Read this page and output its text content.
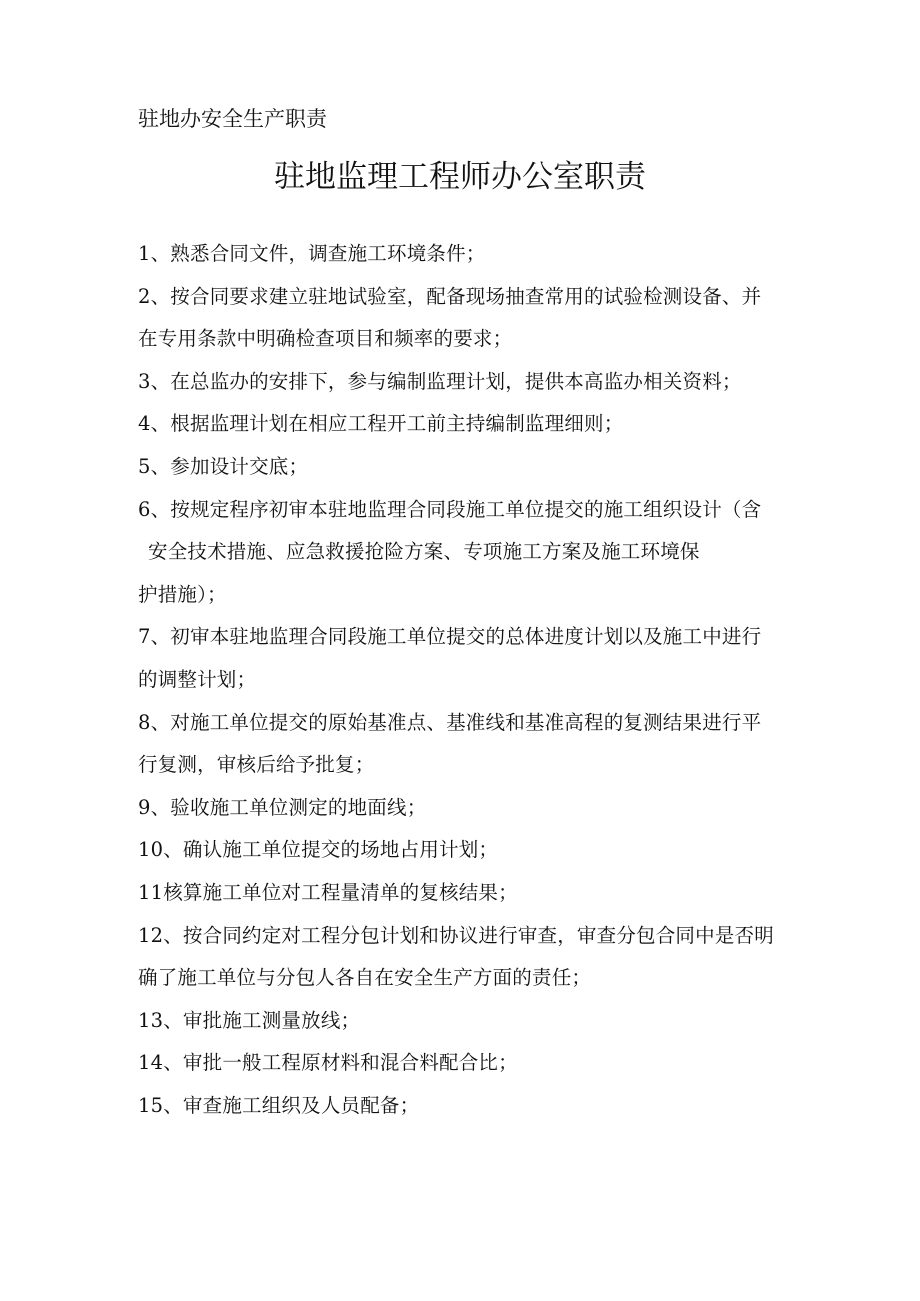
驻地办安全生产职责
驻地监理工程师办公室职责
1、熟悉合同文件，调查施工环境条件；
2、按合同要求建立驻地试验室，配备现场抽查常用的试验检测设备、并
在专用条款中明确检查项目和频率的要求；
3、在总监办的安排下，参与编制监理计划，提供本高监办相关资料；
4、根据监理计划在相应工程开工前主持编制监理细则；
5、参加设计交底；
6、按规定程序初审本驻地监理合同段施工单位提交的施工组织设计（含
安全技术措施、应急救援抢险方案、专项施工方案及施工环境保
护措施）；
7、初审本驻地监理合同段施工单位提交的总体进度计划以及施工中进行
的调整计划；
8、对施工单位提交的原始基准点、基准线和基准高程的复测结果进行平
行复测，审核后给予批复；
9、验收施工单位测定的地面线；
10、确认施工单位提交的场地占用计划；
11核算施工单位对工程量清单的复核结果；
12、按合同约定对工程分包计划和协议进行审查，审查分包合同中是否明
确了施工单位与分包人各自在安全生产方面的责任；
13、审批施工测量放线；
14、审批一般工程原材料和混合料配合比；
15、审查施工组织及人员配备；
